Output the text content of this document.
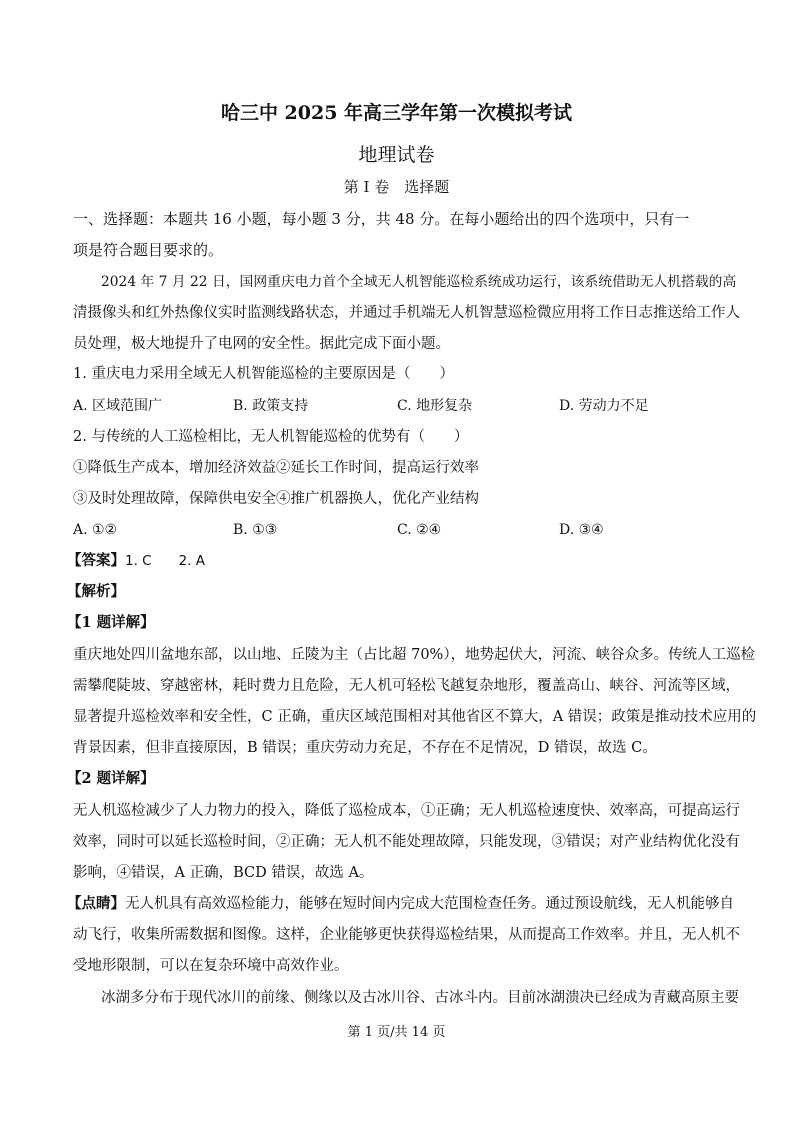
哈三中 2025 年高三学年第一次模拟考试
地理试卷
第 I 卷　选择题
一、选择题：本题共 16 小题，每小题 3 分，共 48 分。在每小题给出的四个选项中，只有一
项是符合题目要求的。
2024 年 7 月 22 日，国网重庆电力首个全域无人机智能巡检系统成功运行，该系统借助无人机搭载的高
清摄像头和红外热像仪实时监测线路状态，并通过手机端无人机智慧巡检微应用将工作日志推送给工作人
员处理，极大地提升了电网的安全性。据此完成下面小题。
1. 重庆电力采用全域无人机智能巡检的主要原因是（　　）
A. 区域范围广	B. 政策支持	C. 地形复杂	D. 劳动力不足
2. 与传统的人工巡检相比，无人机智能巡检的优势有（　　）
①降低生产成本，增加经济效益②延长工作时间，提高运行效率
③及时处理故障，保障供电安全④推广机器换人，优化产业结构
A. ①②	B. ①③	C. ②④	D. ③④
【答案】1. C　　2. A
【解析】
【1 题详解】
重庆地处四川盆地东部，以山地、丘陵为主（占比超 70%），地势起伏大，河流、峡谷众多。传统人工巡检
需攀爬陡坡、穿越密林，耗时费力且危险，无人机可轻松飞越复杂地形，覆盖高山、峡谷、河流等区域，
显著提升巡检效率和安全性，C 正确，重庆区域范围相对其他省区不算大，A 错误；政策是推动技术应用的
背景因素，但非直接原因，B 错误；重庆劳动力充足，不存在不足情况，D 错误，故选 C。
【2 题详解】
无人机巡检减少了人力物力的投入，降低了巡检成本，①正确；无人机巡检速度快、效率高，可提高运行
效率，同时可以延长巡检时间，②正确；无人机不能处理故障，只能发现，③错误；对产业结构优化没有
影响，④错误，A 正确，BCD 错误，故选 A。
【点睛】无人机具有高效巡检能力，能够在短时间内完成大范围检查任务。通过预设航线，无人机能够自
动飞行，收集所需数据和图像。这样，企业能够更快获得巡检结果，从而提高工作效率。并且，无人机不
受地形限制，可以在复杂环境中高效作业。
冰湖多分布于现代冰川的前缘、侧缘以及古冰川谷、古冰斗内。目前冰湖溃决已经成为青藏高原主要
第 1 页/共 14 页
